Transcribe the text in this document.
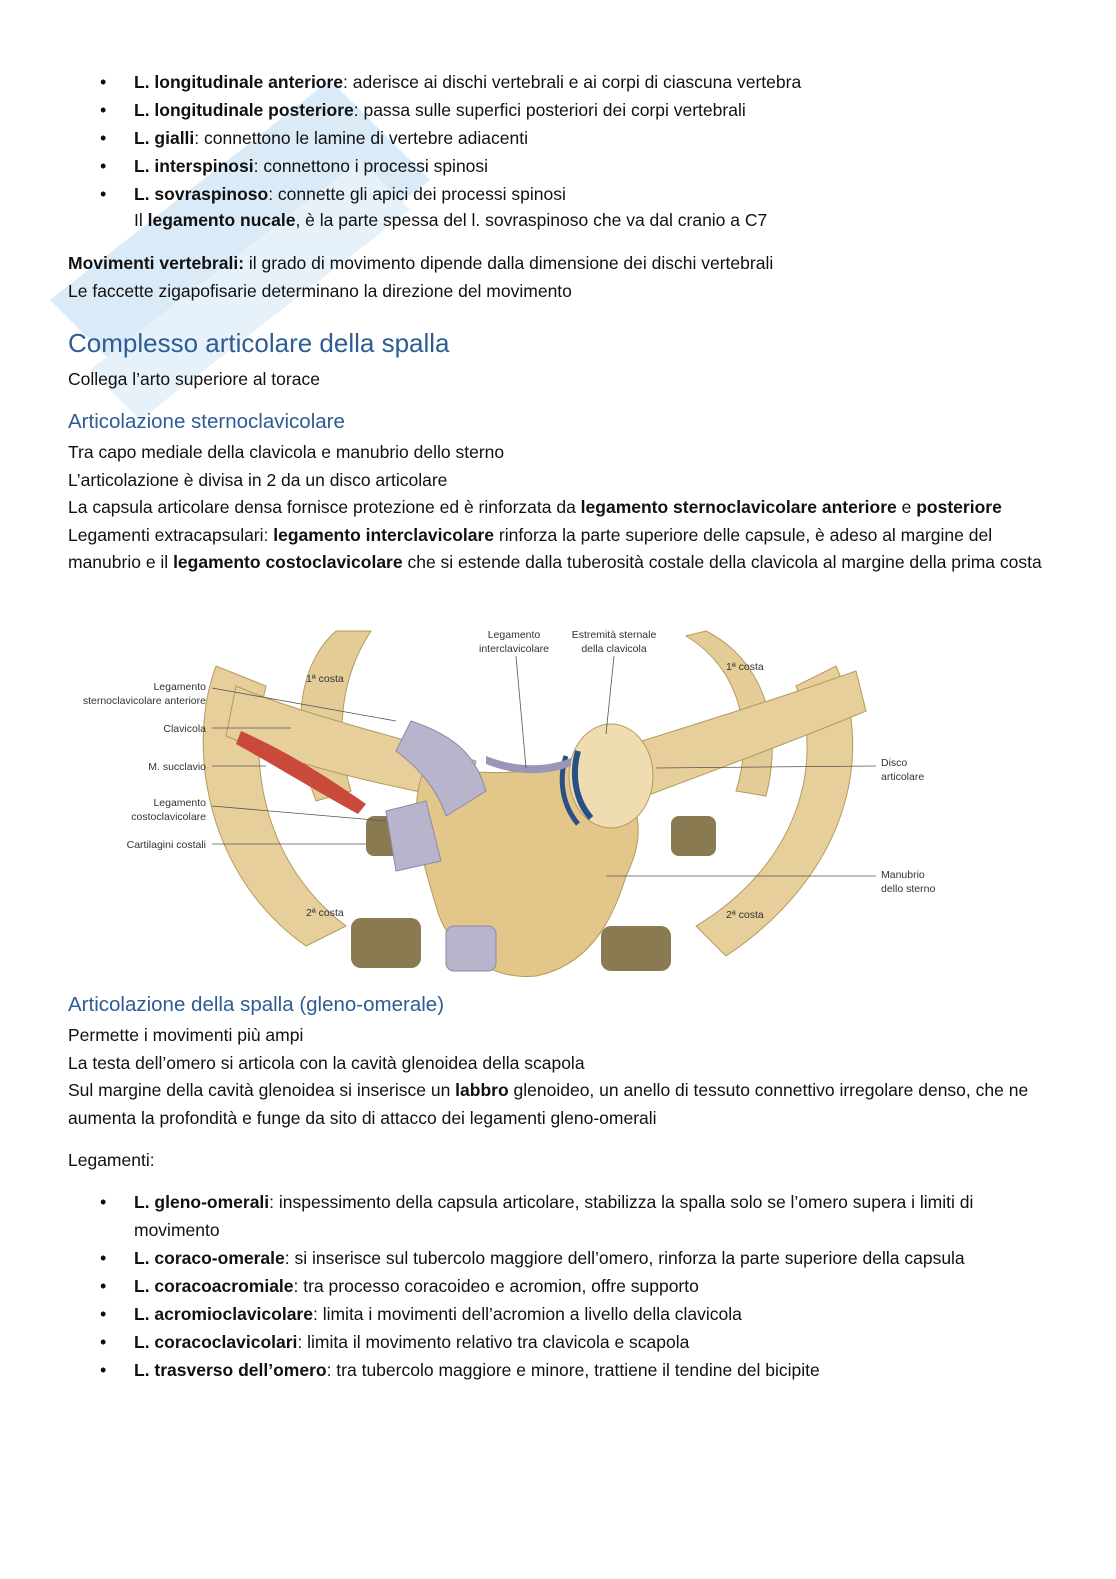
• L. longitudinale anteriore: aderisce ai dischi vertebrali e ai corpi di ciascuna vertebra
• L. longitudinale posteriore: passa sulle superfici posteriori dei corpi vertebrali
• L. gialli: connettono le lamine di vertebre adiacenti
• L. interspinosi: connettono i processi spinosi
• L. sovraspinoso: connette gli apici dei processi spinosi
Il legamento nucale, è la parte spessa del l. sovraspinoso che va dal cranio a C7
Movimenti vertebrali: il grado di movimento dipende dalla dimensione dei dischi vertebrali
Le faccette zigapofisarie determinano la direzione del movimento
Complesso articolare della spalla
Collega l’arto superiore al torace
Articolazione sternoclavicolare
Tra capo mediale della clavicola e manubrio dello sterno
L’articolazione è divisa in 2 da un disco articolare
La capsula articolare densa fornisce protezione ed è rinforzata da legamento sternoclavicolare anteriore e posteriore
Legamenti extracapsulari: legamento interclavicolare rinforza la parte superiore delle capsule, è adeso al margine del manubrio e il legamento costoclavicolare che si estende dalla tuberosità costale della clavicola al margine della prima costa
Legamento
interclavicolare
Estremità sternale
della clavicola
1ª costa
1ª costa
Legamento
sternoclavicolare anteriore
Clavicola
M. succlavio
Legamento
costoclavicolare
Cartilagini costali
Disco
articolare
Manubrio
dello sterno
2ª costa	2ª costa
Articolazione della spalla (gleno-omerale)
Permette i movimenti più ampi
La testa dell’omero si articola con la cavità glenoidea della scapola
Sul margine della cavità glenoidea si inserisce un labbro glenoideo, un anello di tessuto connettivo irregolare denso, che ne aumenta la profondità e funge da sito di attacco dei legamenti gleno-omerali
Legamenti:
• L. gleno-omerali: inspessimento della capsula articolare, stabilizza la spalla solo se l’omero supera i limiti di movimento
• L. coraco-omerale: si inserisce sul tubercolo maggiore dell’omero, rinforza la parte superiore della capsula
• L. coracoacromiale: tra processo coracoideo e acromion, offre supporto
• L. acromioclavicolare: limita i movimenti dell’acromion a livello della clavicola
• L. coracoclavicolari: limita il movimento relativo tra clavicola e scapola
• L. trasverso dell’omero: tra tubercolo maggiore e minore, trattiene il tendine del bicipite
